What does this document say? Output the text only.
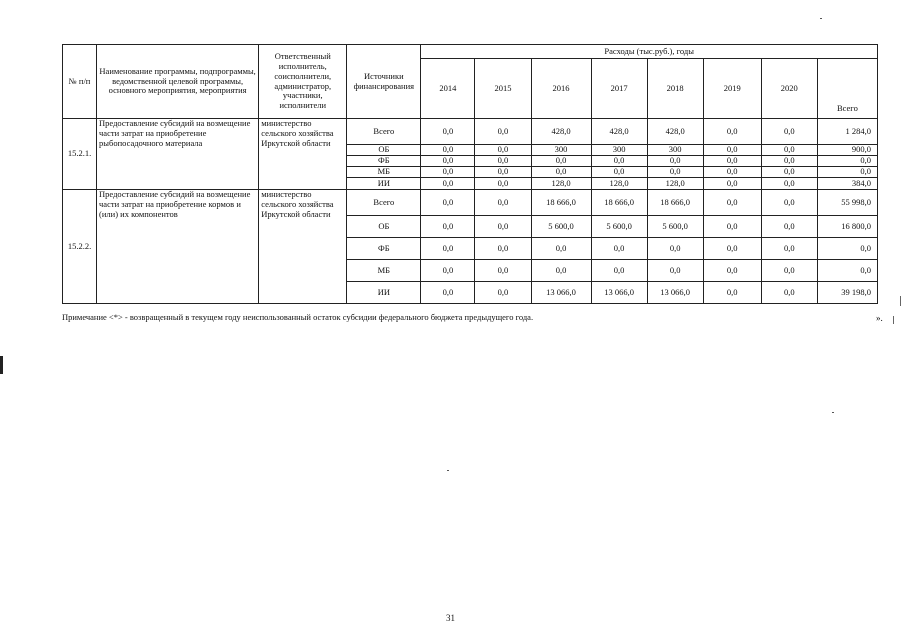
№ п/п	Наименование программы, подпрограммы, ведомственной целевой программы, основного мероприятия, мероприятия	Ответственный исполнитель, соисполнители, администратор, участники, исполнители	Источники финансирования	Расходы (тыс.руб.), годы							
				2014	2015	2016	2017	2018	2019	2020	Всего
15.2.1.	Предоставление субсидий на возмещение части затрат на приобретение рыбопосадочного материала	министерство сельского хозяйства Иркутской области	Всего	0,0	0,0	428,0	428,0	428,0	0,0	0,0	1 284,0
			ОБ	0,0	0,0	300	300	300	0,0	0,0	900,0
			ФБ	0,0	0,0	0,0	0,0	0,0	0,0	0,0	0,0
			МБ	0,0	0,0	0,0	0,0	0,0	0,0	0,0	0,0
			ИИ	0,0	0,0	128,0	128,0	128,0	0,0	0,0	384,0
15.2.2.	Предоставление субсидий на возмещение части затрат на приобретение кормов и (или) их компонентов	министерство сельского хозяйства Иркутской области	Всего	0,0	0,0	18 666,0	18 666,0	18 666,0	0,0	0,0	55 998,0
			ОБ	0,0	0,0	5 600,0	5 600,0	5 600,0	0,0	0,0	16 800,0
			ФБ	0,0	0,0	0,0	0,0	0,0	0,0	0,0	0,0
			МБ	0,0	0,0	0,0	0,0	0,0	0,0	0,0	0,0
			ИИ	0,0	0,0	13 066,0	13 066,0	13 066,0	0,0	0,0	39 198,0
Примечание <*> - возвращенный в текущем году неиспользованный остаток субсидии федерального бюджета предыдущего года.	».
31
